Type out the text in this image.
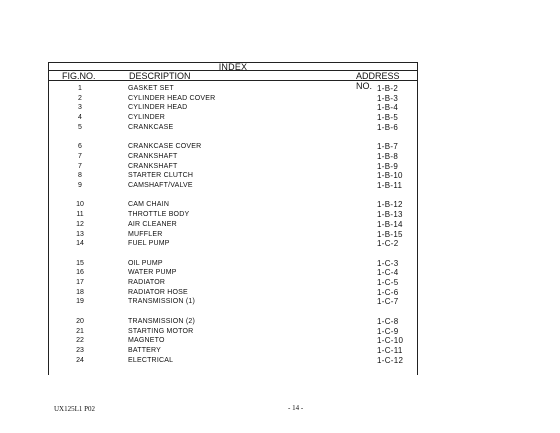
INDEX
FIG.NO.	DESCRIPTION	ADDRESS NO.
1	GASKET SET	1-B-2
2	CYLINDER HEAD COVER	1-B-3
3	CYLINDER HEAD	1-B-4
4	CYLINDER	1-B-5
5	CRANKCASE	1-B-6
6	CRANKCASE COVER	1-B-7
7	CRANKSHAFT	1-B-8
7	CRANKSHAFT	1-B-9
8	STARTER CLUTCH	1-B-10
9	CAMSHAFT/VALVE	1-B-11
10	CAM CHAIN	1-B-12
11	THROTTLE BODY	1-B-13
12	AIR CLEANER	1-B-14
13	MUFFLER	1-B-15
14	FUEL PUMP	1-C-2
15	OIL PUMP	1-C-3
16	WATER PUMP	1-C-4
17	RADIATOR	1-C-5
18	RADIATOR HOSE	1-C-6
19	TRANSMISSION (1)	1-C-7
20	TRANSMISSION (2)	1-C-8
21	STARTING MOTOR	1-C-9
22	MAGNETO	1-C-10
23	BATTERY	1-C-11
24	ELECTRICAL	1-C-12
UX125L1 P02	- 14 -
